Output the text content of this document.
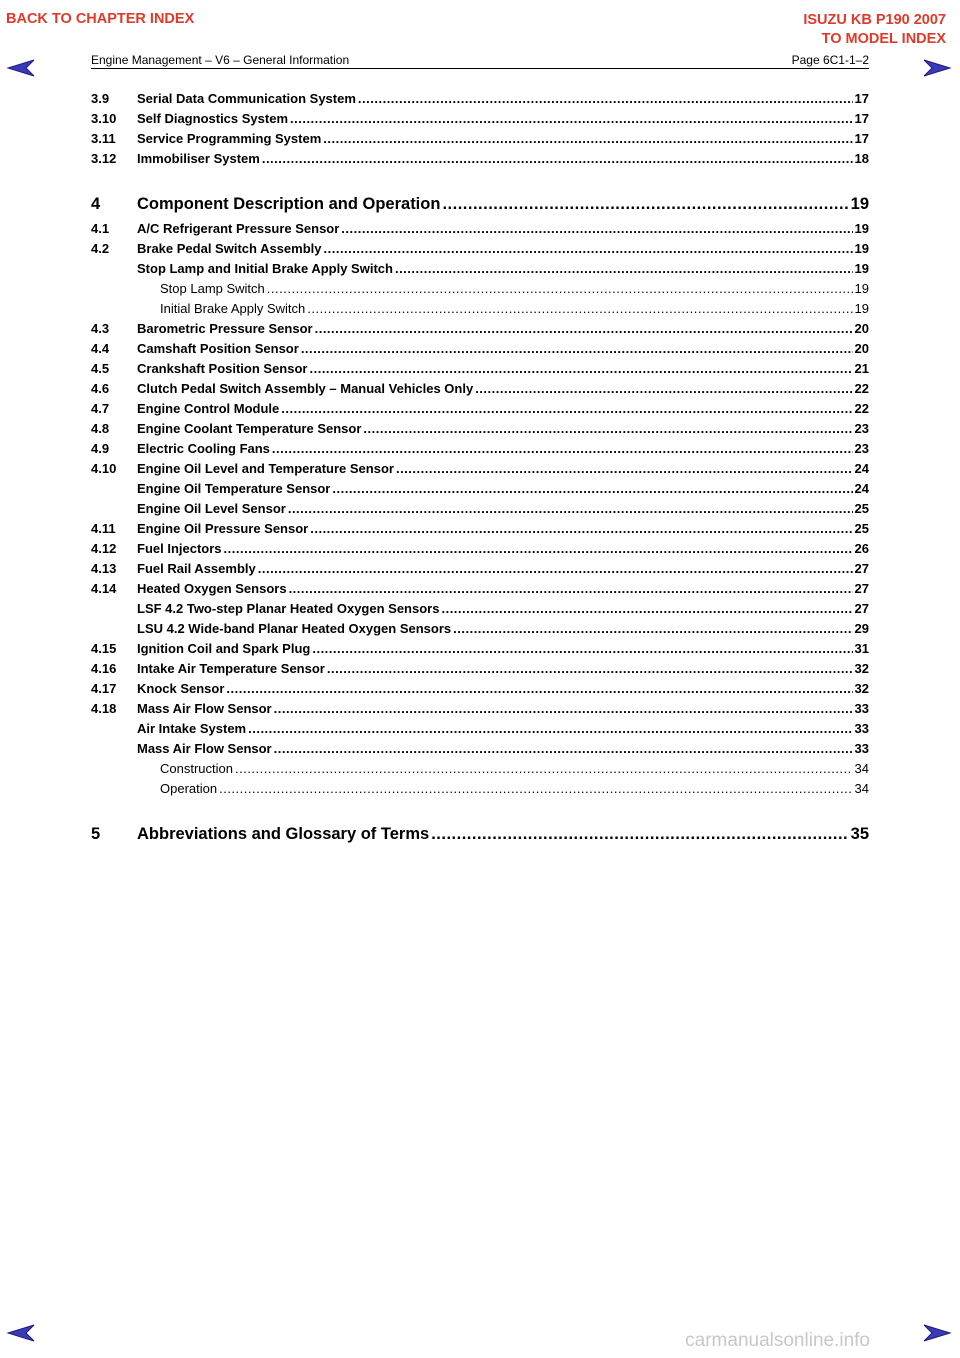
BACK TO CHAPTER INDEX	ISUZU KB P190 2007
TO MODEL INDEX
Engine Management – V6 – General Information	Page 6C1-1–2
3.9	Serial Data Communication System .....	17
3.10	Self Diagnostics System .....	17
3.11	Service Programming System .....	17
3.12	Immobiliser System .....	18
4	Component Description and Operation .....	19
4.1	A/C Refrigerant Pressure Sensor .....	19
4.2	Brake Pedal Switch Assembly .....	19
Stop Lamp and Initial Brake Apply Switch .....	19
Stop Lamp Switch .....	19
Initial Brake Apply Switch .....	19
4.3	Barometric Pressure Sensor .....	20
4.4	Camshaft Position Sensor .....	20
4.5	Crankshaft Position Sensor .....	21
4.6	Clutch Pedal Switch Assembly – Manual Vehicles Only .....	22
4.7	Engine Control Module .....	22
4.8	Engine Coolant Temperature Sensor .....	23
4.9	Electric Cooling Fans .....	23
4.10	Engine Oil Level and Temperature Sensor .....	24
Engine Oil Temperature Sensor .....	24
Engine Oil Level Sensor .....	25
4.11	Engine Oil Pressure Sensor .....	25
4.12	Fuel Injectors .....	26
4.13	Fuel Rail Assembly .....	27
4.14	Heated Oxygen Sensors .....	27
LSF 4.2 Two-step Planar Heated Oxygen Sensors .....	27
LSU 4.2 Wide-band Planar Heated Oxygen Sensors .....	29
4.15	Ignition Coil and Spark Plug .....	31
4.16	Intake Air Temperature Sensor .....	32
4.17	Knock Sensor .....	32
4.18	Mass Air Flow Sensor .....	33
Air Intake System .....	33
Mass Air Flow Sensor .....	33
Construction .....	34
Operation .....	34
5	Abbreviations and Glossary of Terms .....	35
carmanualsonline.info
